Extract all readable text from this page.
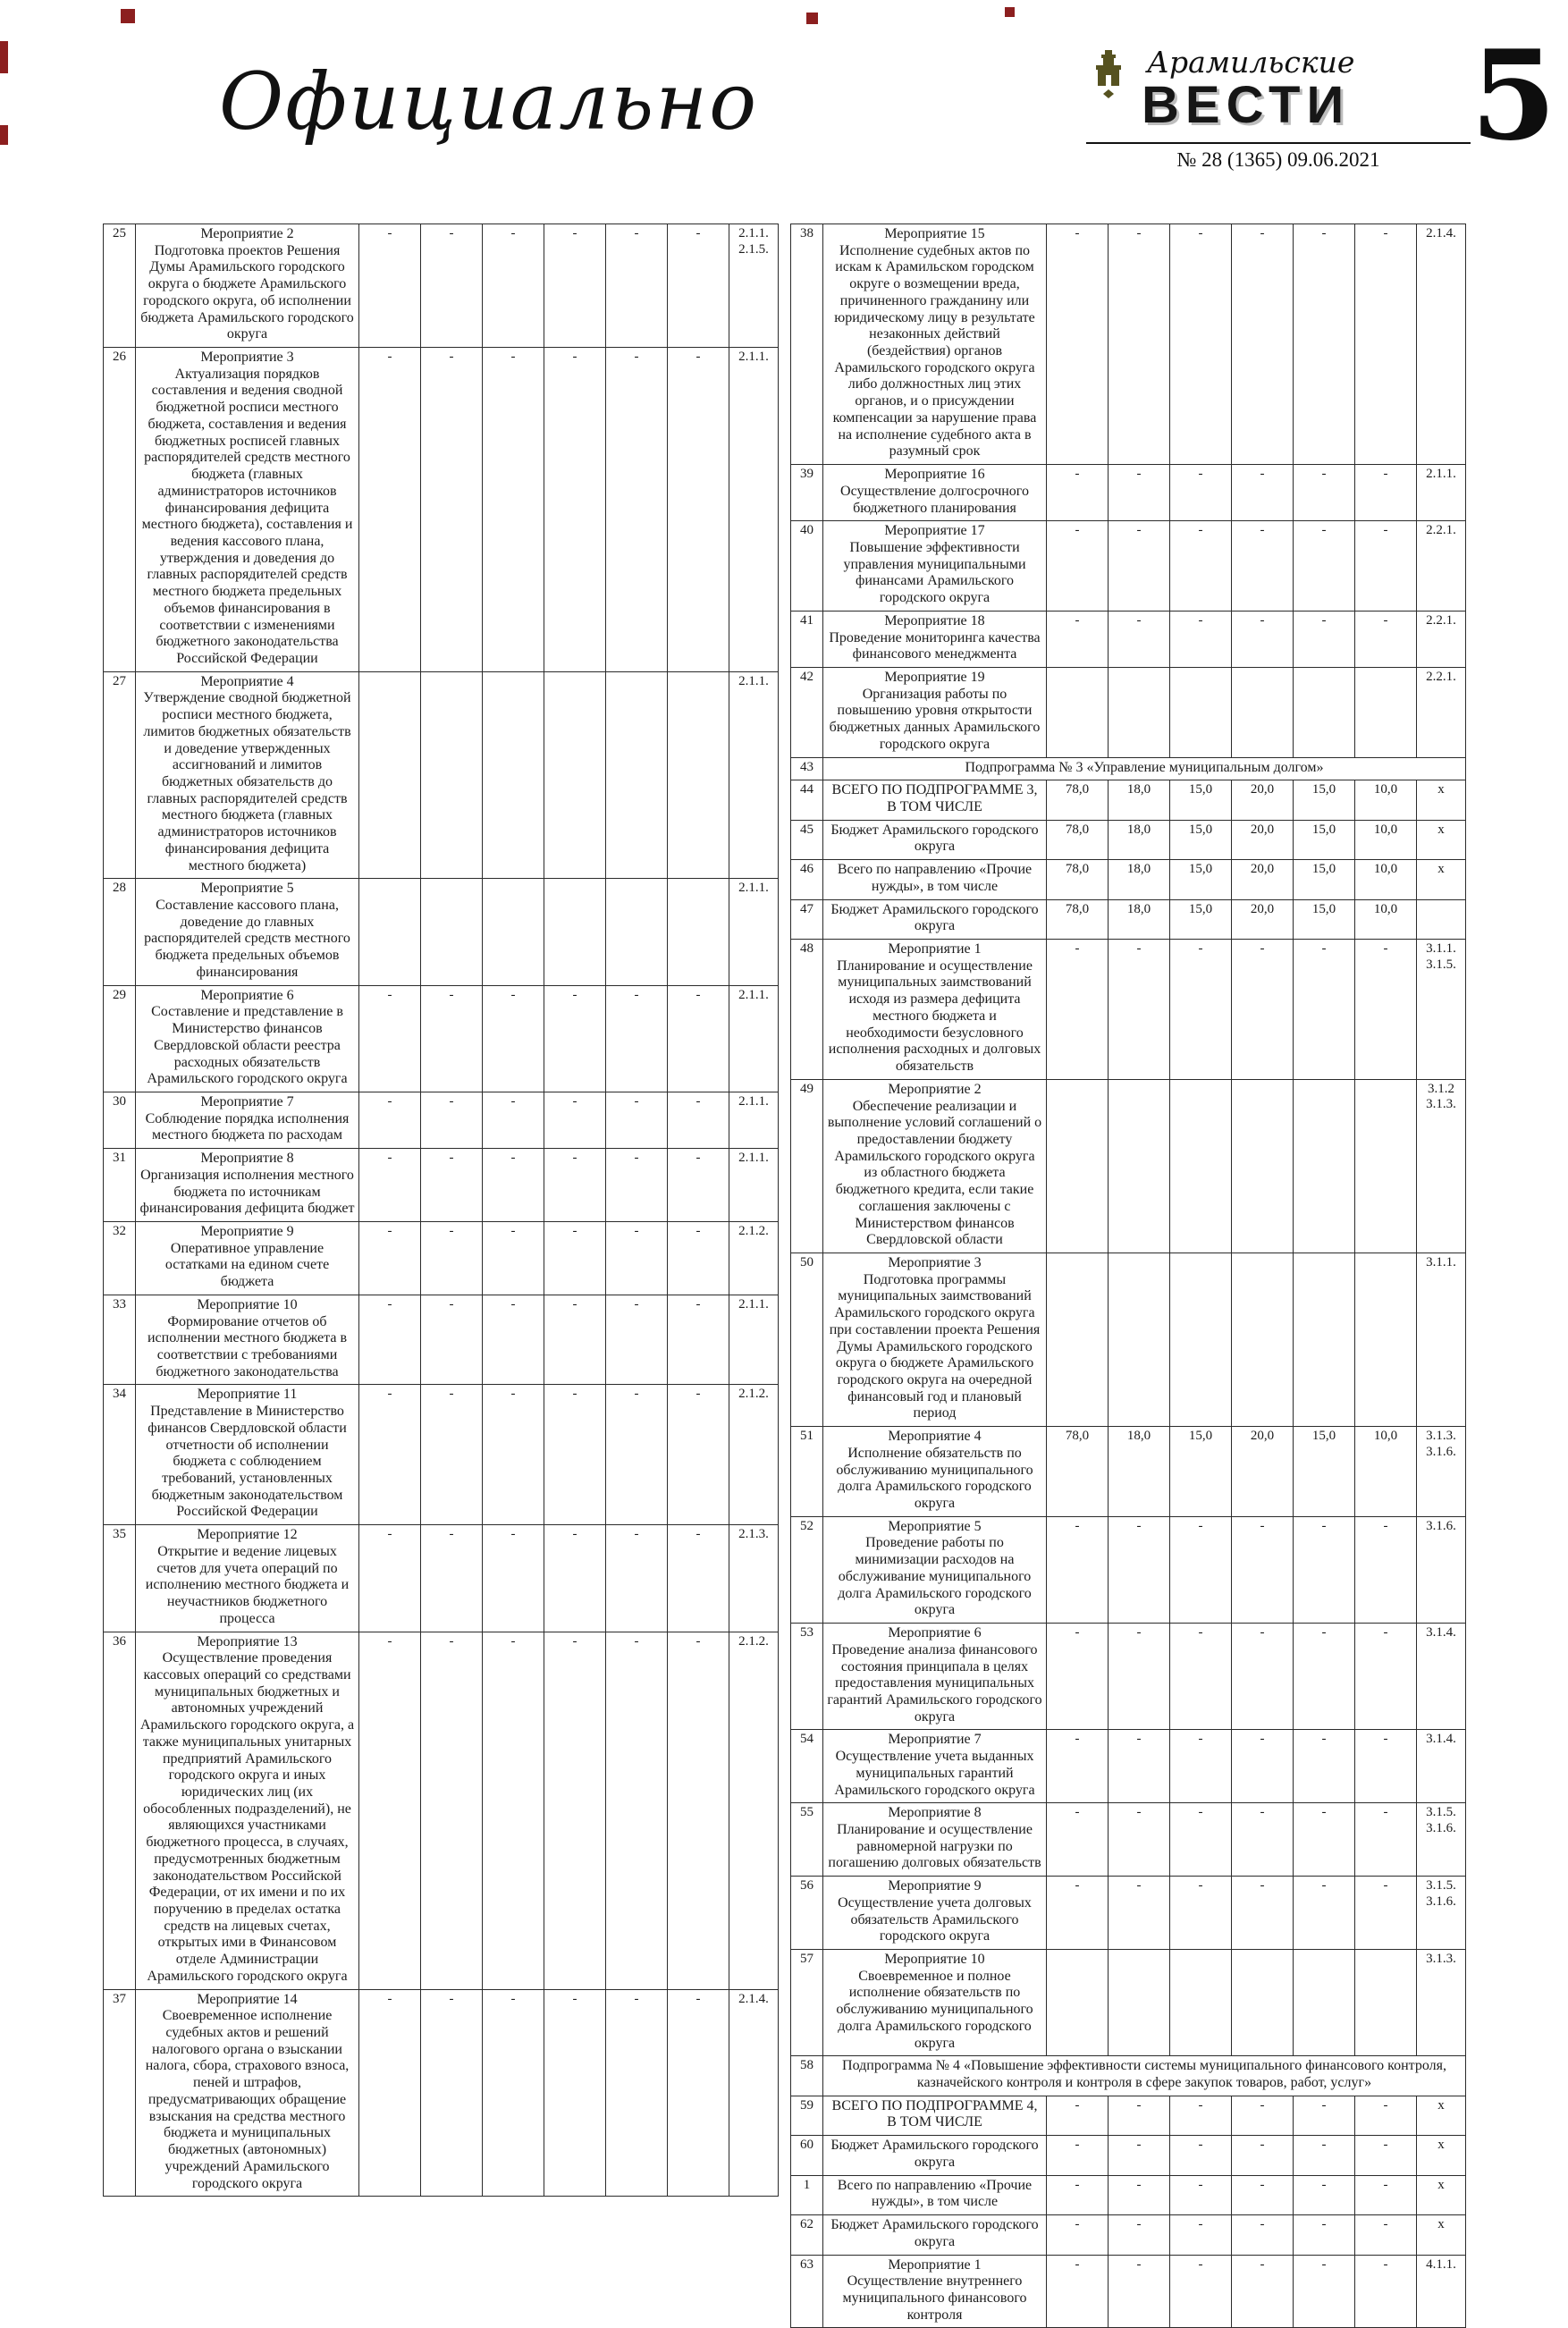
Официально	Арамильские
ВЕСТИ
№ 28 (1365) 09.06.2021 5
25	Мероприятие 2
Подготовка проектов Решения Думы Арамильского городского округа о бюджете Арамильского городского округа, об исполнении бюджета Арамильского городского округа	-	-	-	-	-	-	2.1.1. 2.1.5.
26	Мероприятие 3
Актуализация порядков составления и ведения сводной бюджетной росписи местного бюджета, составления и ведения бюджетных росписей главных распорядителей средств местного бюджета (главных администраторов источников финансирования дефицита местного бюджета), составления и ведения кассового плана, утверждения и доведения до главных распорядителей средств местного бюджета предельных объемов финансирования в соответствии с изменениями бюджетного законодательства Российской Федерации	-	-	-	-	-	-	2.1.1.
27	Мероприятие 4
Утверждение сводной бюджетной росписи местного бюджета, лимитов бюджетных обязательств и доведение утвержденных ассигнований и лимитов бюджетных обязательств до главных распорядителей средств местного бюджета (главных администраторов источников финансирования дефицита местного бюджета)							2.1.1.
28	Мероприятие 5
Составление кассового плана, доведение до главных распорядителей средств местного бюджета предельных объемов финансирования							2.1.1.
29	Мероприятие 6
Составление и представление в Министерство финансов Свердловской области реестра расходных обязательств Арамильского городского округа	-	-	-	-	-	-	2.1.1.
30	Мероприятие 7
Соблюдение порядка исполнения местного бюджета по расходам	-	-	-	-	-	-	2.1.1.
31	Мероприятие 8
Организация исполнения местного бюджета по источникам финансирования дефицита бюджет	-	-	-	-	-	-	2.1.1.
32	Мероприятие 9
Оперативное управление остатками на едином счете бюджета	-	-	-	-	-	-	2.1.2.
33	Мероприятие 10
Формирование отчетов об исполнении местного бюджета в соответствии с требованиями бюджетного законодательства	-	-	-	-	-	-	2.1.1.
34	Мероприятие 11
Представление в Министерство финансов Свердловской области отчетности об исполнении бюджета с соблюдением требований, установленных бюджетным законодательством Российской Федерации	-	-	-	-	-	-	2.1.2.
35	Мероприятие 12
Открытие и ведение лицевых счетов для учета операций по исполнению местного бюджета и неучастников бюджетного процесса	-	-	-	-	-	-	2.1.3.
36	Мероприятие 13
Осуществление проведения кассовых операций со средствами муниципальных бюджетных и автономных учреждений Арамильского городского округа, а также муниципальных унитарных предприятий Арамильского городского округа и иных юридических лиц (их обособленных подразделений), не являющихся участниками бюджетного процесса, в случаях, предусмотренных бюджетным законодательством Российской Федерации, от их имени и по их поручению в пределах остатка средств на лицевых счетах, открытых ими в Финансовом отделе Администрации Арамильского городского округа	-	-	-	-	-	-	2.1.2.
37	Мероприятие 14
Своевременное исполнение судебных актов и решений налогового органа о взыскании налога, сбора, страхового взноса, пеней и штрафов, предусматривающих обращение взыскания на средства местного бюджета и муниципальных бюджетных (автономных) учреждений Арамильского городского округа	-	-	-	-	-	-	2.1.4.
38	Мероприятие 15
Исполнение судебных актов по искам к Арамильском городском округе о возмещении вреда, причиненного гражданину или юридическому лицу в результате незаконных действий (бездействия) органов Арамильского городского округа либо должностных лиц этих органов, и о присуждении компенсации за нарушение права на исполнение судебного акта в разумный срок	-	-	-	-	-	-	2.1.4.
39	Мероприятие 16
Осуществление долгосрочного бюджетного планирования	-	-	-	-	-	-	2.1.1.
40	Мероприятие 17
Повышение эффективности управления муниципальными финансами Арамильского городского округа	-	-	-	-	-	-	2.2.1.
41	Мероприятие 18
Проведение мониторинга качества финансового менеджмента	-	-	-	-	-	-	2.2.1.
42	Мероприятие 19
Организация работы по повышению уровня открытости бюджетных данных Арамильского городского округа							2.2.1.
43	Подпрограмма № 3 «Управление муниципальным долгом»							
44	ВСЕГО ПО ПОДПРОГРАММЕ 3, В ТОМ ЧИСЛЕ	78,0	18,0	15,0	20,0	15,0	10,0	х
45	Бюджет Арамильского городского округа	78,0	18,0	15,0	20,0	15,0	10,0	х
46	Всего по направлению «Прочие нужды», в том числе	78,0	18,0	15,0	20,0	15,0	10,0	х
47	Бюджет Арамильского городского округа	78,0	18,0	15,0	20,0	15,0	10,0	
48	Мероприятие 1
Планирование и осуществление муниципальных заимствований исходя из размера дефицита местного бюджета и необходимости безусловного исполнения расходных и долговых обязательств	-	-	-	-	-	-	3.1.1. 3.1.5.
49	Мероприятие 2
Обеспечение реализации и выполнение условий соглашений о предоставлении бюджету Арамильского городского округа из областного бюджета бюджетного кредита, если такие соглашения заключены с Министерством финансов Свердловской области							3.1.2 3.1.3.
50	Мероприятие 3
Подготовка программы муниципальных заимствований Арамильского городского округа при составлении проекта Решения Думы Арамильского городского округа о бюджете Арамильского городского округа на очередной финансовый год и плановый период							3.1.1.
51	Мероприятие 4
Исполнение обязательств по обслуживанию муниципального долга Арамильского городского округа	78,0	18,0	15,0	20,0	15,0	10,0	3.1.3. 3.1.6.
52	Мероприятие 5
Проведение работы по минимизации расходов на обслуживание муниципального долга Арамильского городского округа	-	-	-	-	-	-	3.1.6.
53	Мероприятие 6
Проведение анализа финансового состояния принципала в целях предоставления муниципальных гарантий Арамильского городского округа	-	-	-	-	-	-	3.1.4.
54	Мероприятие 7
Осуществление учета выданных муниципальных гарантий Арамильского городского округа	-	-	-	-	-	-	3.1.4.
55	Мероприятие 8
Планирование и осуществление равномерной нагрузки по погашению долговых обязательств	-	-	-	-	-	-	3.1.5. 3.1.6.
56	Мероприятие 9
Осуществление учета долговых обязательств Арамильского городского округа	-	-	-	-	-	-	3.1.5. 3.1.6.
57	Мероприятие 10
Своевременное и полное исполнение обязательств по обслуживанию муниципального долга Арамильского городского округа							3.1.3.
58	Подпрограмма № 4 «Повышение эффективности системы муниципального финансового контроля, казначейского контроля и контроля в сфере закупок товаров, работ, услуг»							
59	ВСЕГО ПО ПОДПРОГРАММЕ 4, В ТОМ ЧИСЛЕ	-	-	-	-	-	-	х
60	Бюджет Арамильского городского округа	-	-	-	-	-	-	х
1	Всего по направлению «Прочие нужды», в том числе	-	-	-	-	-	-	х
62	Бюджет Арамильского городского округа	-	-	-	-	-	-	х
63	Мероприятие 1
Осуществление внутреннего муниципального финансового контроля	-	-	-	-	-	-	4.1.1.
